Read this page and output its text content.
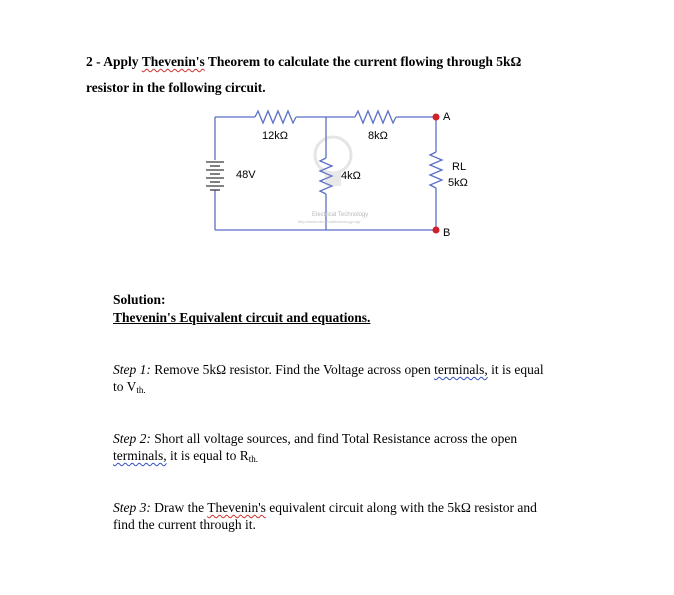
2 - Apply Thevenin's Theorem to calculate the current flowing through 5kΩ
resistor in the following circuit.
Electrical Technology
http://www.electricaltechnology.org/
12kΩ	8kΩ
4kΩ
48V
RL
5kΩ
A
B
Solution:
Thevenin's Equivalent circuit and equations.
Step 1: Remove 5kΩ resistor. Find the Voltage across open terminals, it is equal
to $V_{th.}$
Step 2: Short all voltage sources, and find Total Resistance across the open
terminals, it is equal to $R_{th.}$
Step 3: Draw the Thevenin's equivalent circuit along with the 5kΩ resistor and
find the current through it.
